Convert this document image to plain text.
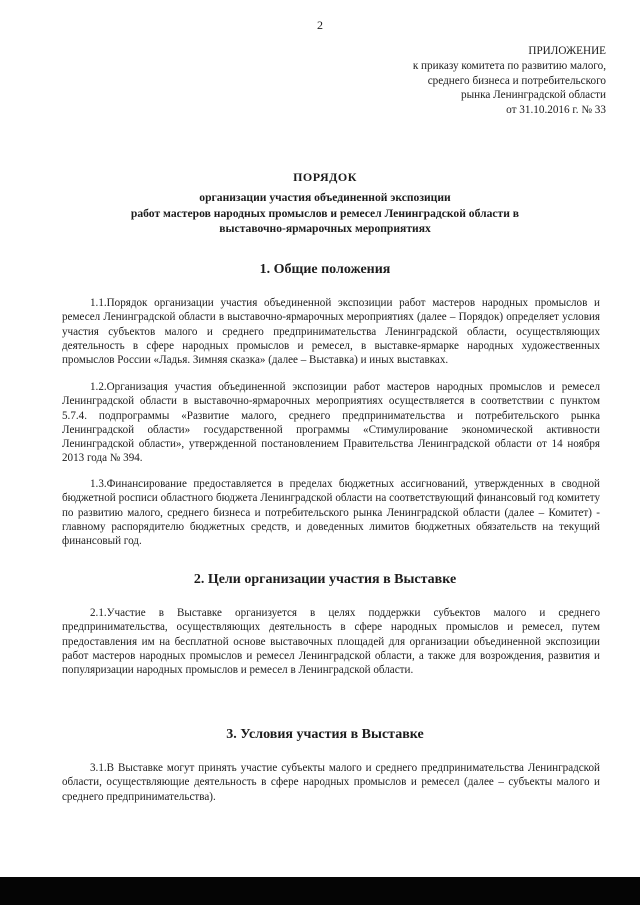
2
ПРИЛОЖЕНИЕ
к приказу комитета по развитию малого,
среднего бизнеса и потребительского
рынка Ленинградской области
от 31.10.2016 г. № 33
ПОРЯДОК
организации участия объединенной экспозиции
работ мастеров народных промыслов и ремесел Ленинградской области в
выставочно-ярмарочных мероприятиях
1. Общие положения
1.1.Порядок организации участия объединенной экспозиции работ мастеров народных промыслов и ремесел Ленинградской области в выставочно-ярмарочных мероприятиях (далее – Порядок) определяет условия участия субъектов малого и среднего предпринимательства Ленинградской области, осуществляющих деятельность в сфере народных промыслов и ремесел, в выставке-ярмарке народных художественных промыслов России «Ладья. Зимняя сказка» (далее – Выставка) и иных выставках.
1.2.Организация участия объединенной экспозиции работ мастеров народных промыслов и ремесел Ленинградской области в выставочно-ярмарочных мероприятиях осуществляется в соответствии с пунктом 5.7.4. подпрограммы «Развитие малого, среднего предпринимательства и потребительского рынка Ленинградской области» государственной программы «Стимулирование экономической активности Ленинградской области», утвержденной постановлением Правительства Ленинградской области от 14 ноября 2013 года № 394.
1.3.Финансирование предоставляется в пределах бюджетных ассигнований, утвержденных в сводной бюджетной росписи областного бюджета Ленинградской области на соответствующий финансовый год комитету по развитию малого, среднего бизнеса и потребительского рынка Ленинградской области (далее – Комитет) - главному распорядителю бюджетных средств, и доведенных лимитов бюджетных обязательств на текущий финансовый год.
2. Цели организации участия в Выставке
2.1.Участие в Выставке организуется в целях поддержки субъектов малого и среднего предпринимательства, осуществляющих деятельность в сфере народных промыслов и ремесел, путем предоставления им на бесплатной основе выставочных площадей для организации объединенной экспозиции работ мастеров народных промыслов и ремесел Ленинградской области, а также для возрождения, развития и популяризации народных промыслов и ремесел в Ленинградской области.
3. Условия участия в Выставке
3.1.В Выставке могут принять участие субъекты малого и среднего предпринимательства Ленинградской области, осуществляющие деятельность в сфере народных промыслов и ремесел (далее – субъекты малого и среднего предпринимательства).
